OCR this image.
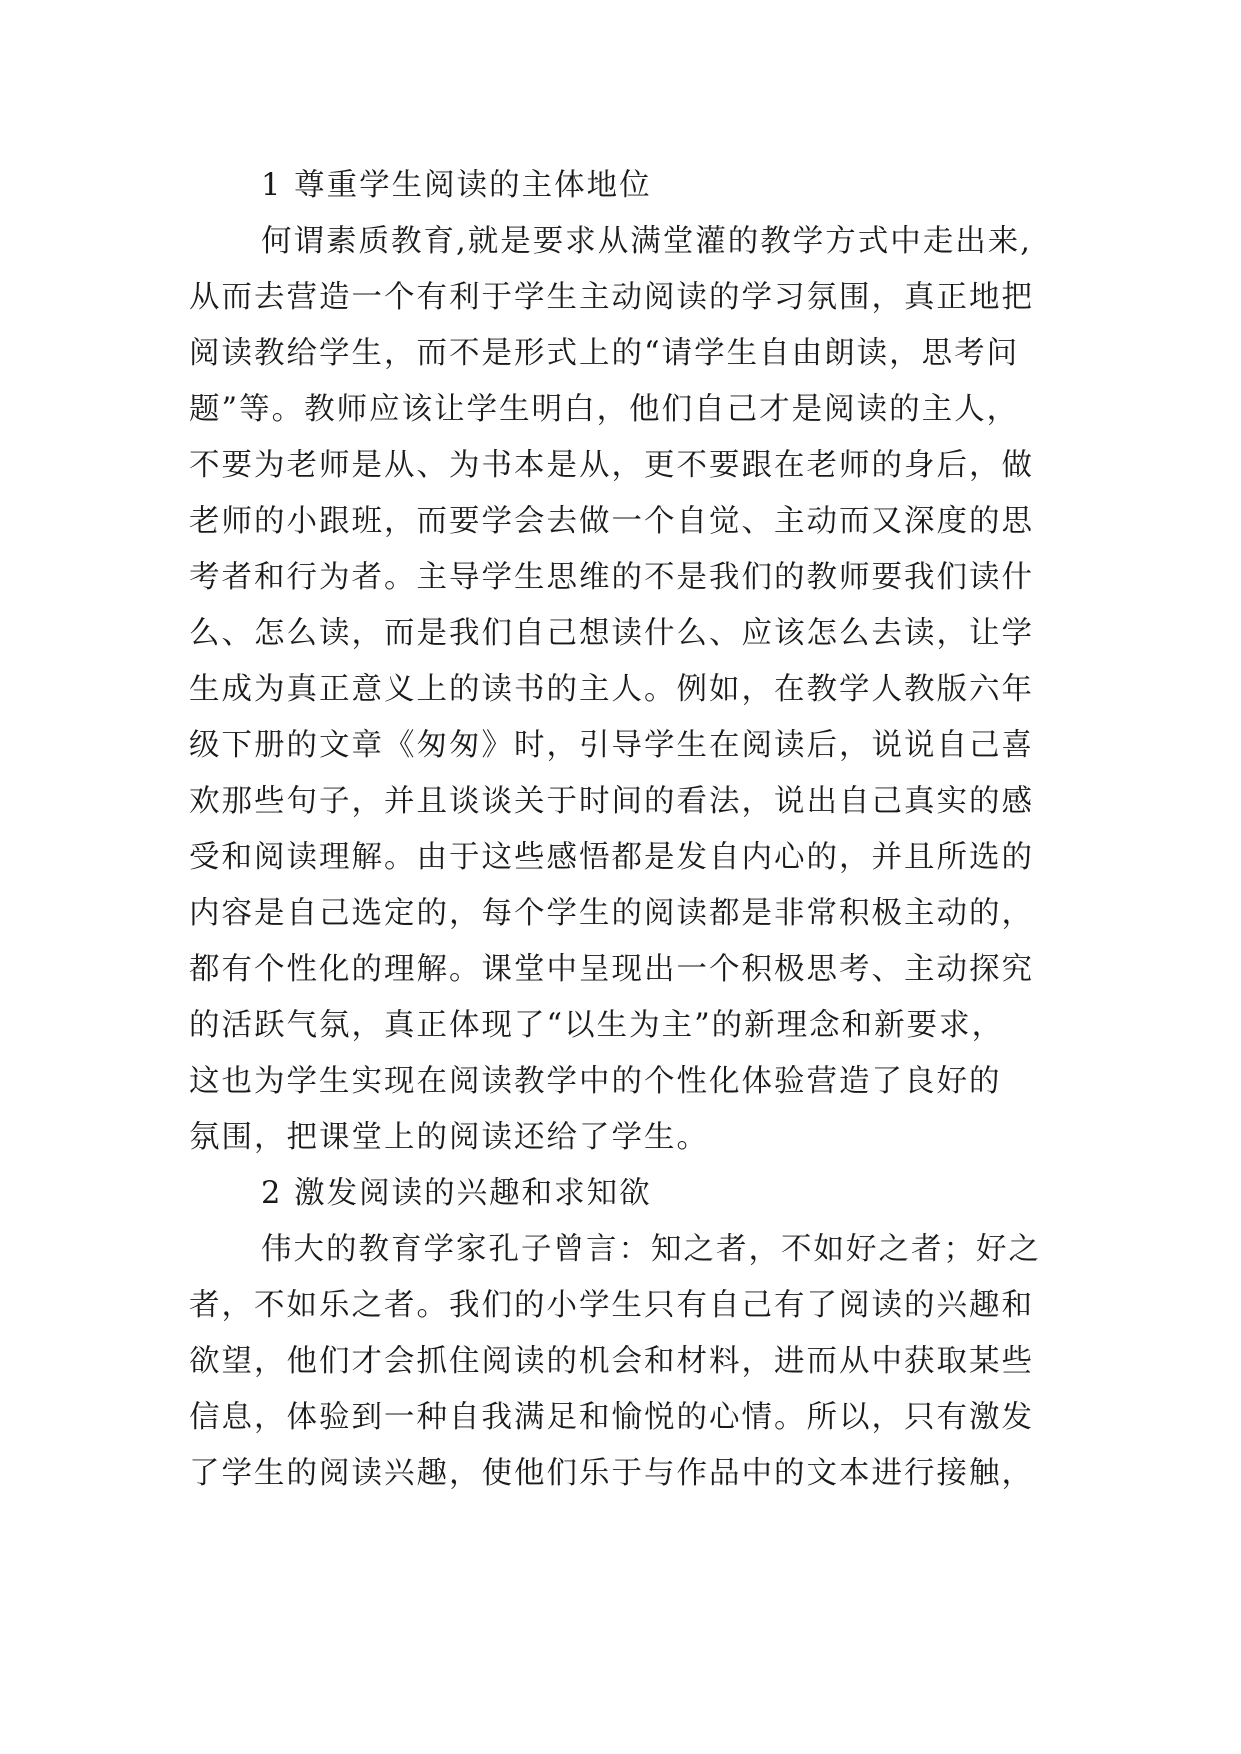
1 尊重学生阅读的主体地位
何谓素质教育,就是要求从满堂灌的教学方式中走出来,
从而去营造一个有利于学生主动阅读的学习氛围，真正地把
阅读教给学生，而不是形式上的“请学生自由朗读，思考问
题”等。教师应该让学生明白，他们自己才是阅读的主人，
不要为老师是从、为书本是从，更不要跟在老师的身后，做
老师的小跟班，而要学会去做一个自觉、主动而又深度的思
考者和行为者。主导学生思维的不是我们的教师要我们读什
么、怎么读，而是我们自己想读什么、应该怎么去读，让学
生成为真正意义上的读书的主人。例如，在教学人教版六年
级下册的文章《匆匆》时，引导学生在阅读后，说说自己喜
欢那些句子，并且谈谈关于时间的看法，说出自己真实的感
受和阅读理解。由于这些感悟都是发自内心的，并且所选的
内容是自己选定的，每个学生的阅读都是非常积极主动的，
都有个性化的理解。课堂中呈现出一个积极思考、主动探究
的活跃气氛，真正体现了“以生为主”的新理念和新要求，
这也为学生实现在阅读教学中的个性化体验营造了良好的
氛围，把课堂上的阅读还给了学生。
2 激发阅读的兴趣和求知欲
伟大的教育学家孔子曾言：知之者，不如好之者；好之
者，不如乐之者。我们的小学生只有自己有了阅读的兴趣和
欲望，他们才会抓住阅读的机会和材料，进而从中获取某些
信息，体验到一种自我满足和愉悦的心情。所以，只有激发
了学生的阅读兴趣，使他们乐于与作品中的文本进行接触，
